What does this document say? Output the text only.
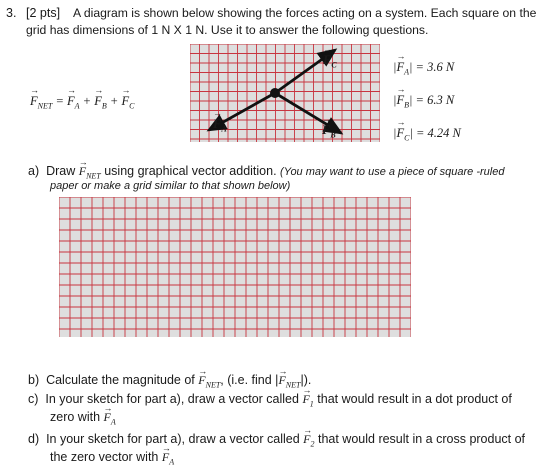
3. [2 pts] A diagram is shown below showing the forces acting on a system. Each square on the
grid has dimensions of 1 N X 1 N. Use it to answer the following questions.
→ $F_{NET}$ = → $F_A$ + → $F_B$ + → $F_C$
→ $F_C$
→ $F_A$	→ $F_B$
|→ $F_A| = 3.6$ N
|→ $F_B| = 6.3$ N
|→ $F_C| = 4.24$ N
a) Draw → $F_{NET}$ using graphical vector addition. (You may want to use a piece of square -ruled
paper or make a grid similar to that shown below)
b) Calculate the magnitude of → $F_{NET}$, (i.e. find |→ $F_{NET}|$).
c) In your sketch for part a), draw a vector called → $F_1$ that would result in a dot product of
zero with → $F_A$
d) In your sketch for part a), draw a vector called → $F_2$ that would result in a cross product of
the zero vector with → $F_A$
